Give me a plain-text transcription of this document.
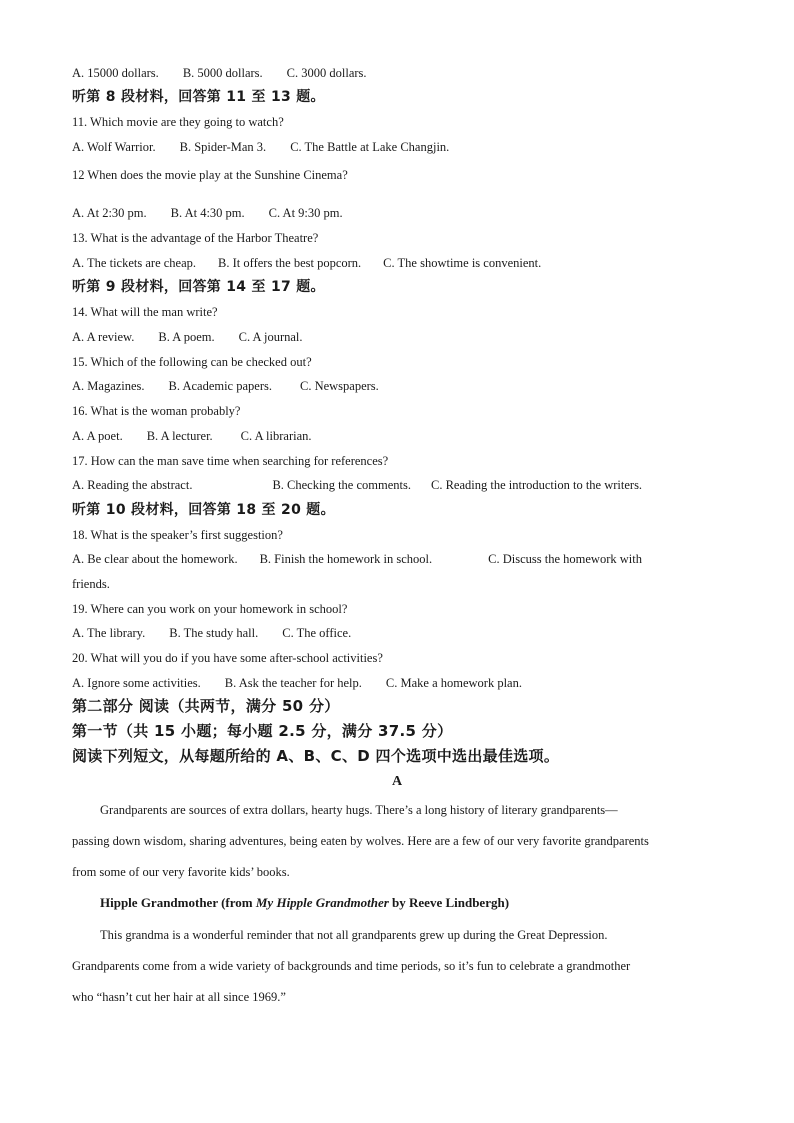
A. 15000 dollars. B. 5000 dollars. C. 3000 dollars.
听第 8 段材料，回答第 11 至 13 题。
11. Which movie are they going to watch?
A. Wolf Warrior. B. Spider-Man 3. C. The Battle at Lake Changjin.
12 When does the movie play at the Sunshine Cinema?
A. At 2:30 pm. B. At 4:30 pm. C. At 9:30 pm.
13. What is the advantage of the Harbor Theatre?
A. The tickets are cheap. B. It offers the best popcorn. C. The showtime is convenient.
听第 9 段材料，回答第 14 至 17 题。
14. What will the man write?
A. A review. B. A poem. C. A journal.
15. Which of the following can be checked out?
A. Magazines. B. Academic papers. C. Newspapers.
16. What is the woman probably?
A. A poet. B. A lecturer. C. A librarian.
17. How can the man save time when searching for references?
A. Reading the abstract.	B. Checking the comments. C. Reading the introduction to the writers.
听第 10 段材料，回答第 18 至 20 题。
18. What is the speaker’s first suggestion?
A. Be clear about the homework. B. Finish the homework in school.	C. Discuss the homework with
friends.
19. Where can you work on your homework in school?
A. The library. B. The study hall. C. The office.
20. What will you do if you have some after-school activities?
A. Ignore some activities. B. Ask the teacher for help. C. Make a homework plan.
第二部分 阅读（共两节，满分 50 分）
第一节（共 15 小题；每小题 2.5 分，满分 37.5 分）
阅读下列短文，从每题所给的 A、B、C、D 四个选项中选出最佳选项。
A
Grandparents are sources of extra dollars, hearty hugs. There’s a long history of literary grandparents—
passing down wisdom, sharing adventures, being eaten by wolves. Here are a few of our very favorite grandparents
from some of our very favorite kids’ books.
Hipple Grandmother (from My Hipple Grandmother by Reeve Lindbergh)
This grandma is a wonderful reminder that not all grandparents grew up during the Great Depression.
Grandparents come from a wide variety of backgrounds and time periods, so it’s fun to celebrate a grandmother
who “hasn’t cut her hair at all since 1969.”
